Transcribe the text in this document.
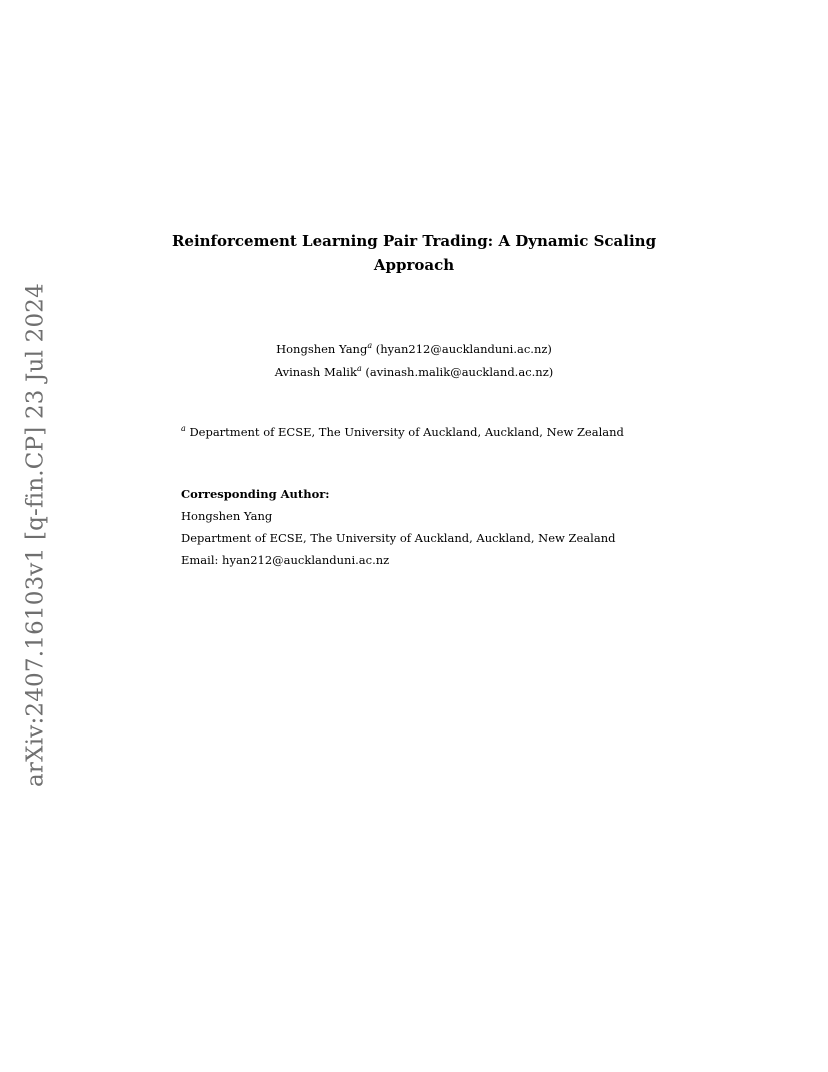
arXiv:2407.16103v1 [q-fin.CP] 23 Jul 2024
Reinforcement Learning Pair Trading: A Dynamic Scaling
Approach
Hongshen Yang$^a$ (hyan212@aucklanduni.ac.nz)
Avinash Malik$^a$ (avinash.malik@auckland.ac.nz)
$^a$ Department of ECSE, The University of Auckland, Auckland, New Zealand
Corresponding Author:
Hongshen Yang
Department of ECSE, The University of Auckland, Auckland, New Zealand
Email: hyan212@aucklanduni.ac.nz
